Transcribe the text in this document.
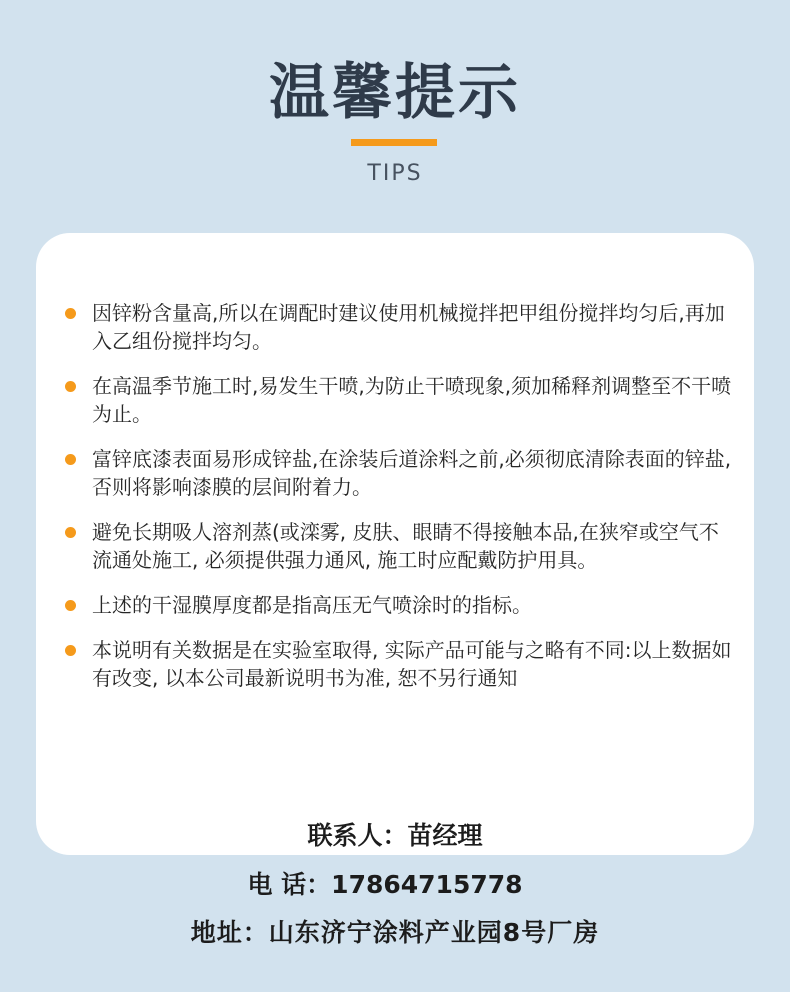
温馨提示
TIPS
因锌粉含量高,所以在调配时建议使用机械搅拌把甲组份搅拌均匀后,再加入乙组份搅拌均匀。
在高温季节施工时,易发生干喷,为防止干喷现象,须加稀释剂调整至不干喷为止。
富锌底漆表面易形成锌盐,在涂装后道涂料之前,必须彻底清除表面的锌盐,否则将影响漆膜的层间附着力。
避免长期吸人溶剂蒸(或滦雾, 皮肤、眼睛不得接触本品,在狭窄或空气不流通处施工, 必须提供强力通风, 施工时应配戴防护用具。
上述的干湿膜厚度都是指高压无气喷涂时的指标。
本说明有关数据是在实验室取得, 实际产品可能与之略有不同:以上数据如有改变, 以本公司最新说明书为准, 恕不另行通知
联系人：苗经理
电 话：17864715778
地址：山东济宁涂料产业园8号厂房
